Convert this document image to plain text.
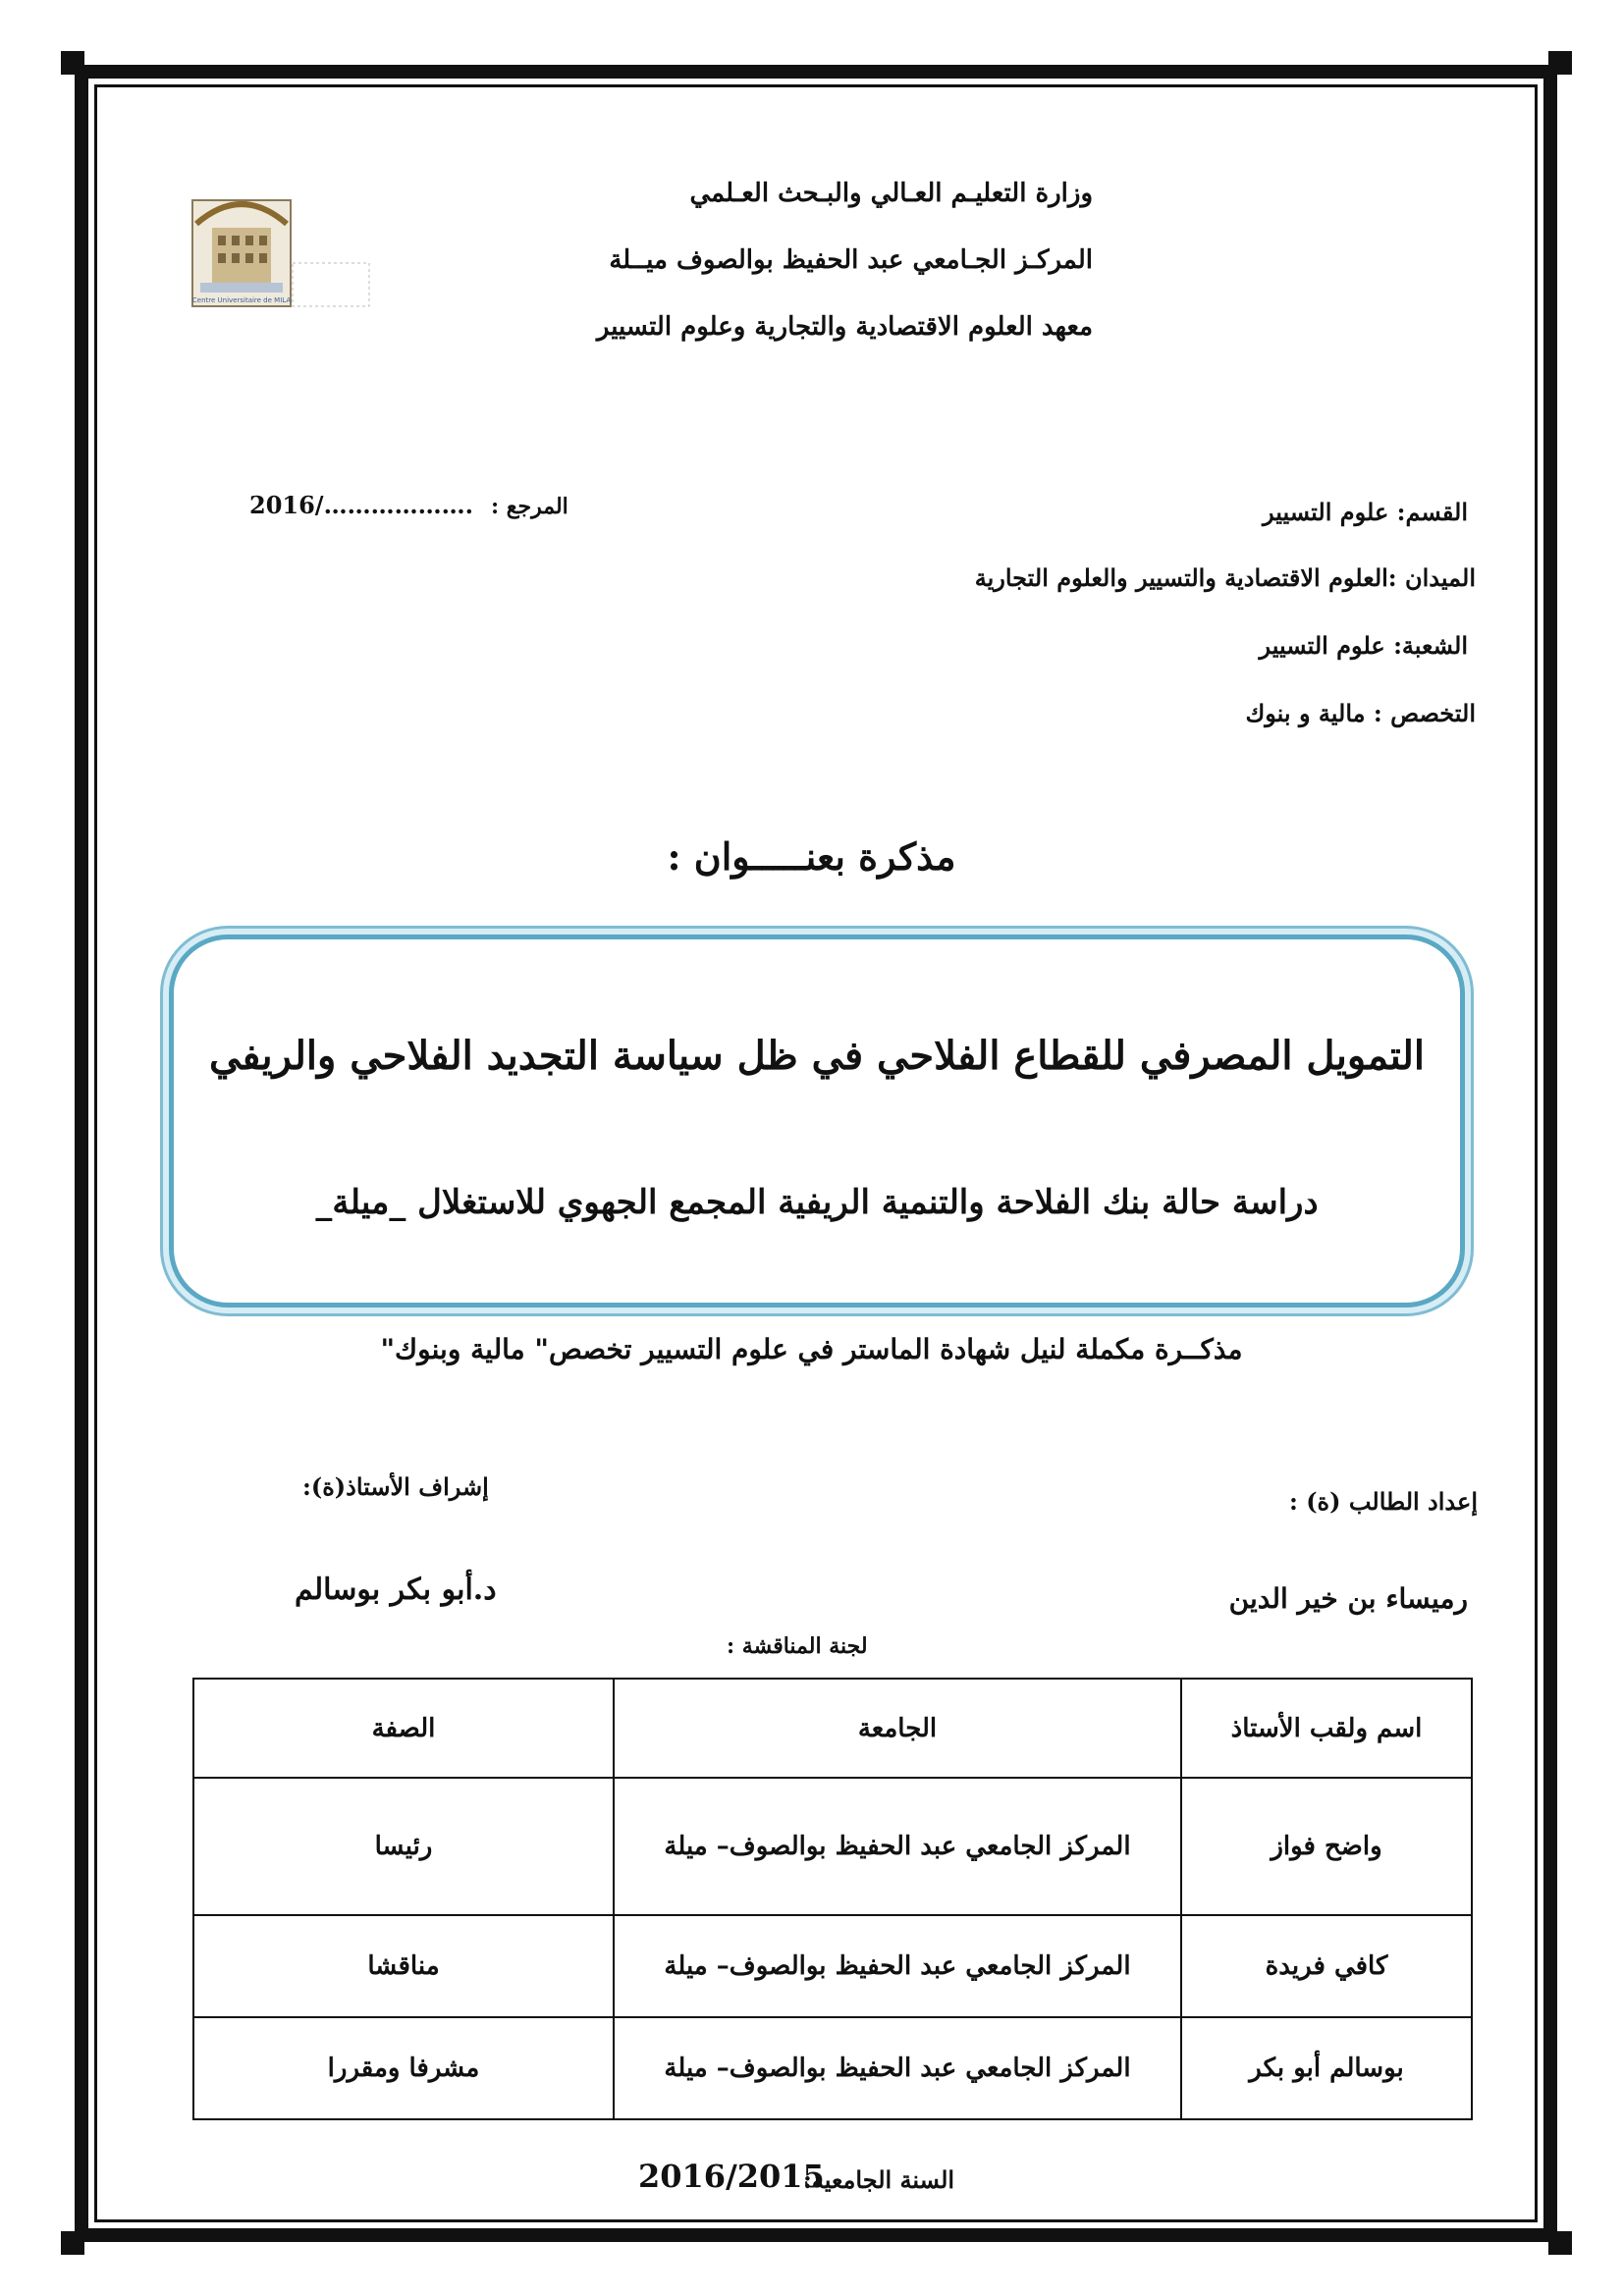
Centre Universitaire de MILA
وزارة التعليـم العـالي والبـحث العـلمي
المركـز الجـامعي عبد الحفيظ بوالصوف ميــلة
معهد العلوم الاقتصادية والتجارية وعلوم التسيير
المرجع :
2016/……………….	القسم: علوم التسيير
الميدان :العلوم الاقتصادية والتسيير والعلوم التجارية
الشعبة: علوم التسيير
التخصص : مالية و بنوك
مذكرة بعنـــــوان :
التمويل المصرفي للقطاع الفلاحي في ظل سياسة التجديد الفلاحي والريفي
دراسة حالة بنك الفلاحة والتنمية الريفية المجمع الجهوي للاستغلال _ميلة_
مذكــرة مكملة لنيل شهادة الماستر في علوم التسيير تخصص" مالية وبنوك"
إعداد الطالب (ة) :
رميساء بن خير الدين
إشراف الأستاذ(ة):
د.أبو بكر بوسالم
لجنة المناقشة :
اسم ولقب الأستاذ	الجامعة	الصفة
واضح فواز	المركز الجامعي عبد الحفيظ بوالصوف– ميلة	رئيسا
كافي فريدة	المركز الجامعي عبد الحفيظ بوالصوف– ميلة	مناقشا
بوسالم أبو بكر	المركز الجامعي عبد الحفيظ بوالصوف– ميلة	مشرفا ومقررا
السنة الجامعية:
2016/2015
